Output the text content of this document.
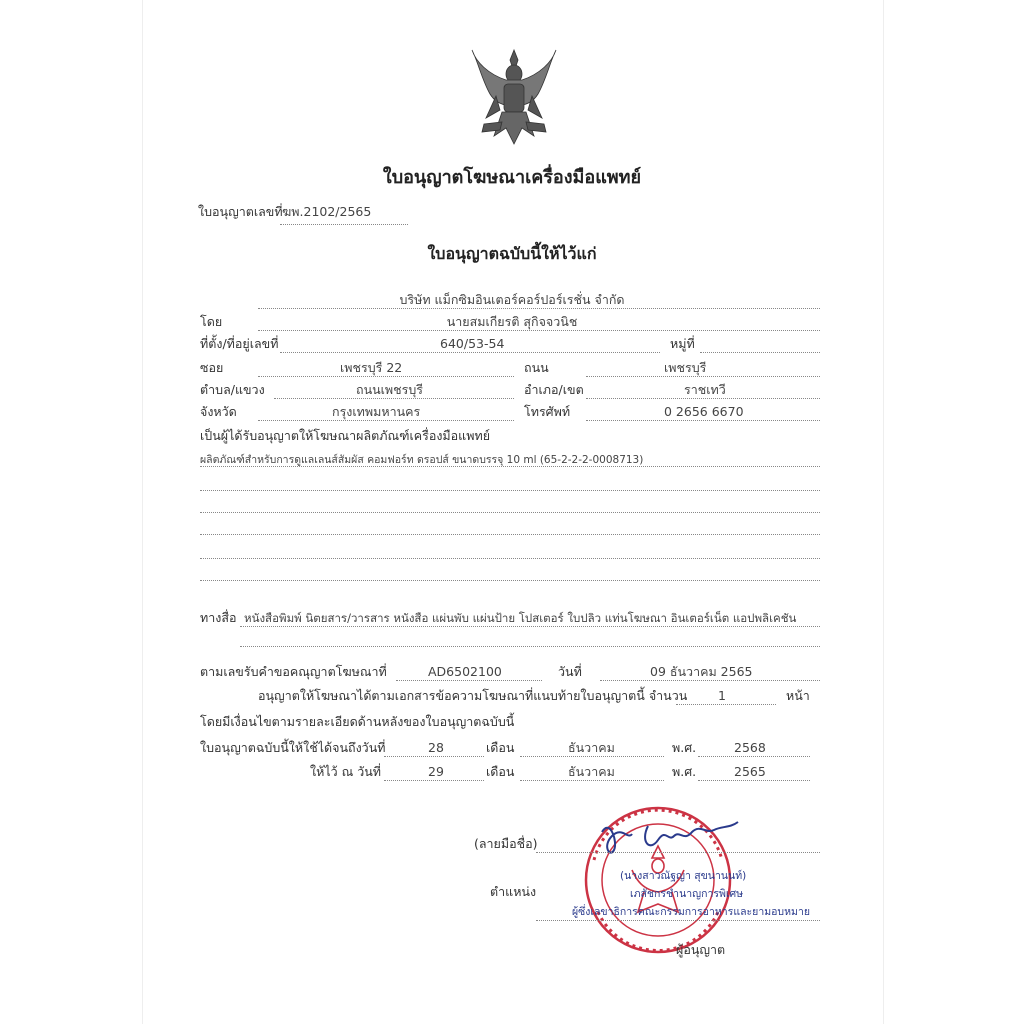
ใบอนุญาตโฆษณาเครื่องมือแพทย์
ใบอนุญาตเลขที่ ฆพ.2102/2565
ใบอนุญาตฉบับนี้ให้ไว้แก่
บริษัท แม็กซิมอินเตอร์คอร์ปอร์เรชั่น จำกัด
โดย	นายสมเกียรติ สุกิจจวนิช
ที่ตั้ง/ที่อยู่เลขที่	640/53-54	หมู่ที่
ซอย	เพชรบุรี 22	ถนน	เพชรบุรี
ตำบล/แขวง	ถนนเพชรบุรี	อำเภอ/เขต	ราชเทวี
จังหวัด	กรุงเทพมหานคร	โทรศัพท์	0 2656 6670
เป็นผู้ได้รับอนุญาตให้โฆษณาผลิตภัณฑ์เครื่องมือแพทย์
ผลิตภัณฑ์สำหรับการดูแลเลนส์สัมผัส คอมฟอร์ท ดรอปส์ ขนาดบรรจุ 10 ml (65-2-2-2-0008713)
ทางสื่อ หนังสือพิมพ์ นิตยสาร/วารสาร หนังสือ แผ่นพับ แผ่นป้าย โปสเตอร์ ใบปลิว แท่นโฆษณา อินเตอร์เน็ต แอปพลิเคชัน
ตามเลขรับคำขอคณุญาตโฆษณาที่	AD6502100	วันที่	09 ธันวาคม 2565
อนุญาตให้โฆษณาได้ตามเอกสารข้อความโฆษณาที่แนบท้ายใบอนุญาตนี้ จำนวน 1	หน้า
โดยมีเงื่อนไขตามรายละเอียดด้านหลังของใบอนุญาตฉบับนี้
ใบอนุญาตฉบับนี้ให้ใช้ได้จนถึงวันที่	28	เดือน	ธันวาคม	พ.ศ.	2568
ให้ไว้ ณ วันที่	29	เดือน	ธันวาคม	พ.ศ.	2565
(ลายมือชื่อ)
(นางสาวณัฐญา สุขนานนท์)
ตำแหน่ง	เภสัชกรชำนาญการพิเศษ
ผู้ซึ่งเลขาธิการคณะกรรมการอาหารและยามอบหมาย
ผู้อนุญาต
